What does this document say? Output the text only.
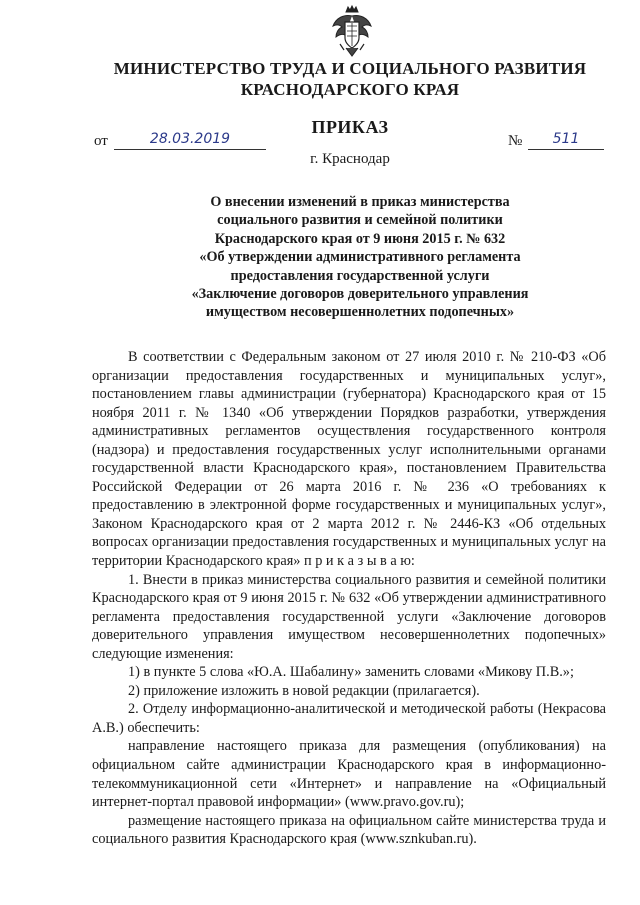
МИНИСТЕРСТВО ТРУДА И СОЦИАЛЬНОГО РАЗВИТИЯ
КРАСНОДАРСКОГО КРАЯ
ПРИКАЗ
от	28.03.2019	№	511
г. Краснодар
О внесении изменений в приказ министерства
социального развития и семейной политики
Краснодарского края от 9 июня 2015 г. № 632
«Об утверждении административного регламента
предоставления государственной услуги
«Заключение договоров доверительного управления
имуществом несовершеннолетних подопечных»

В соответствии с Федеральным законом от 27 июля 2010 г. № 210-ФЗ «Об организации предоставления государственных и муниципальных услуг», постановлением главы администрации (губернатора) Краснодарского края от 15 ноября 2011 г. № 1340 «Об утверждении Порядков разработки, утверждения административных регламентов осуществления государственного контроля (надзора) и предоставления государственных услуг исполнительными органами государственной власти Краснодарского края», постановлением Правительства Российской Федерации от 26 марта 2016 г. № 236 «О требованиях к предоставлению в электронной форме государственных и муниципальных услуг», Законом Краснодарского края от 2 марта 2012 г. № 2446-КЗ «Об отдельных вопросах организации предоставления государственных и муниципальных услуг на территории Краснодарского края» п р и к а з ы в а ю:

1. Внести в приказ министерства социального развития и семейной политики Краснодарского края от 9 июня 2015 г. № 632 «Об утверждении административного регламента предоставления государственной услуги «Заключение договоров доверительного управления имуществом несовершеннолетних подопечных» следующие изменения:

1) в пункте 5 слова «Ю.А. Шабалину» заменить словами «Микову П.В.»;

2) приложение изложить в новой редакции (прилагается).

2. Отделу информационно-аналитической и методической работы (Некрасова А.В.) обеспечить:

направление настоящего приказа для размещения (опубликования) на официальном сайте администрации Краснодарского края в информационно-телекоммуникационной сети «Интернет» и направление на «Официальный интернет-портал правовой информации» (www.pravo.gov.ru);

размещение настоящего приказа на официальном сайте министерства труда и социального развития Краснодарского края (www.sznkuban.ru).
